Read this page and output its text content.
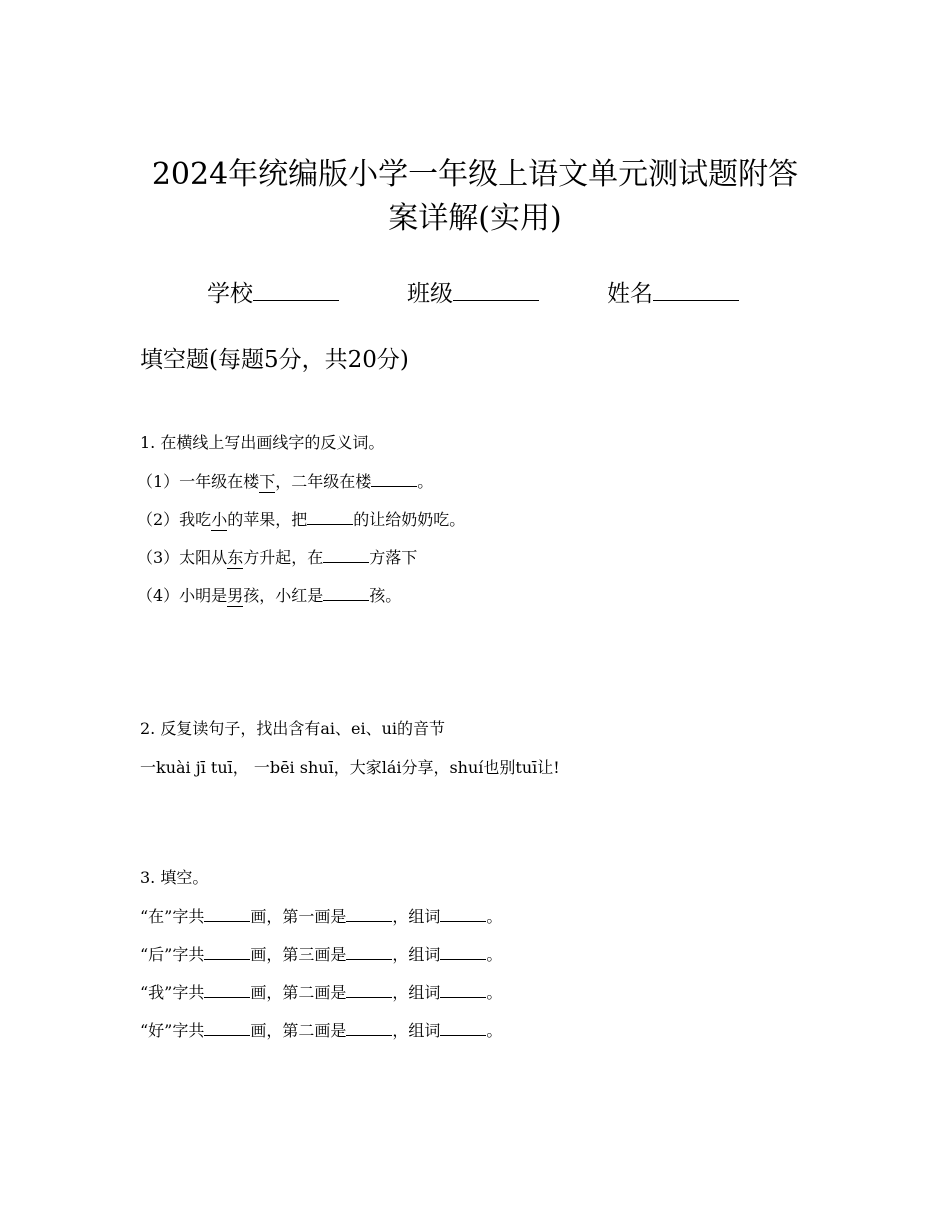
2024年统编版小学一年级上语文单元测试题附答
案详解(实用)
学校	班级	姓名
填空题(每题5分，共20分)
1. 在横线上写出画线字的反义词。
（1）一年级在楼下，二年级在楼	。
（2）我吃小的苹果，把	的让给奶奶吃。
（3）太阳从东方升起，在	方落下
（4）小明是男孩，小红是	孩。
2. 反复读句子，找出含有ai、ei、ui的音节
一kuài jī tuī， 一bēi shuī，大家lái分享，shuí也别tuī让!
3. 填空。
“在”字共	画，第一画是	，组词	。
“后”字共	画，第三画是	，组词	。
“我”字共	画，第二画是	，组词	。
“好”字共	画，第二画是	，组词	。
